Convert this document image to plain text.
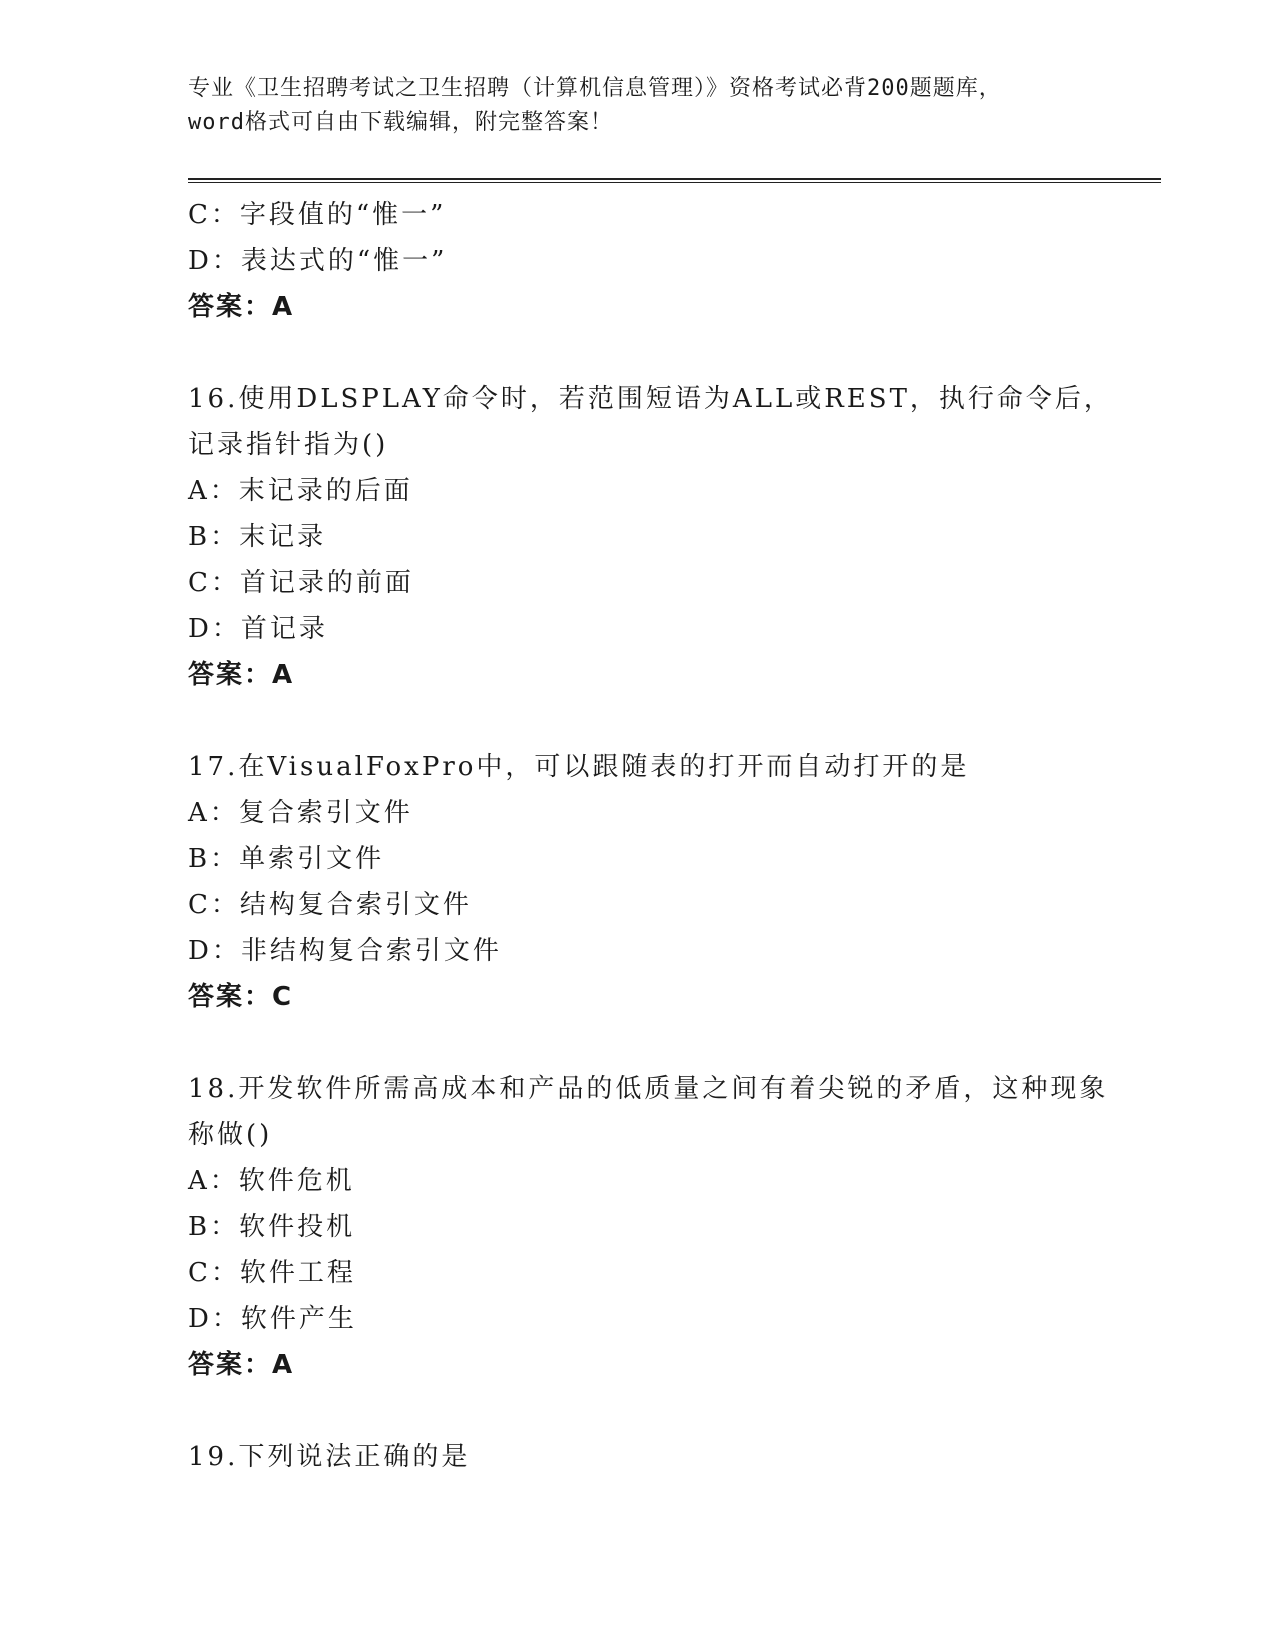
专业《卫生招聘考试之卫生招聘（计算机信息管理）》资格考试必背200题题库，
word格式可自由下载编辑，附完整答案！
C：字段值的“惟一”
D：表达式的“惟一”
答案：A
16.使用DLSPLAY命令时，若范围短语为ALL或REST，执行命令后，记录指针指为()
A：末记录的后面
B：末记录
C：首记录的前面
D：首记录
答案：A
17.在VisualFoxPro中，可以跟随表的打开而自动打开的是
A：复合索引文件
B：单索引文件
C：结构复合索引文件
D：非结构复合索引文件
答案：C
18.开发软件所需高成本和产品的低质量之间有着尖锐的矛盾，这种现象称做()
A：软件危机
B：软件投机
C：软件工程
D：软件产生
答案：A
19.下列说法正确的是
